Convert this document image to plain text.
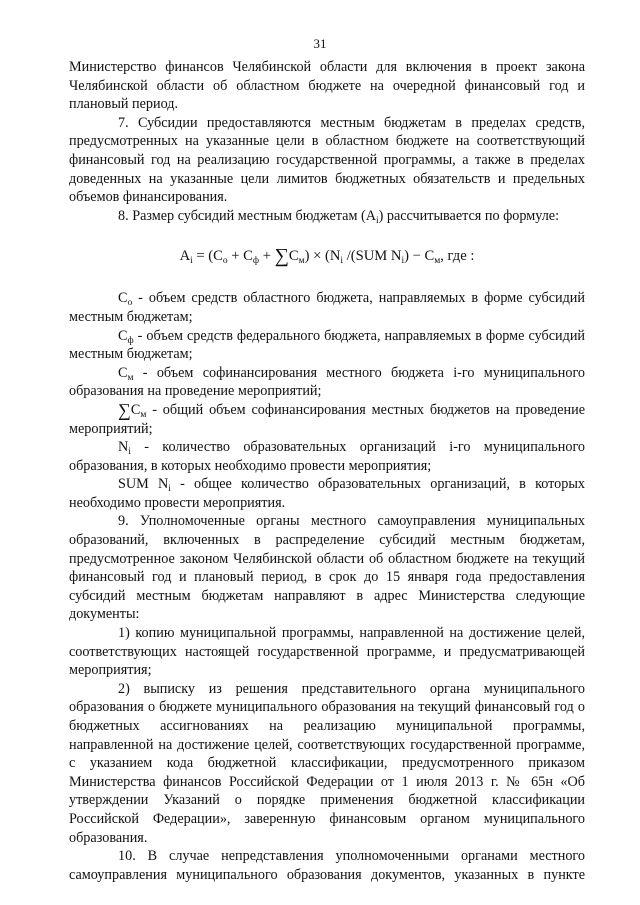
31

Министерство финансов Челябинской области для включения в проект закона Челябинской области об областном бюджете на очередной финансовый год и плановый период.

7. Субсидии предоставляются местным бюджетам в пределах средств, предусмотренных на указанные цели в областном бюджете на соответствующий финансовый год на реализацию государственной программы, а также в пределах доведенных на указанные цели лимитов бюджетных обязательств и предельных объемов финансирования.

8. Размер субсидий местным бюджетам $(A_i)$ рассчитывается по формуле:

$A_i = (C_о + C_ф + \sum C_м) \times (N_i$ /(SUM $N_i) - C_м$, где :

$C_о$ - объем средств областного бюджета, направляемых в форме субсидий местным бюджетам;

$C_ф$ - объем средств федерального бюджета, направляемых в форме субсидий местным бюджетам;

$C_м$ - объем софинансирования местного бюджета i-го муниципального образования на проведение мероприятий;

$\sum C_м$ - общий объем софинансирования местных бюджетов на проведение мероприятий;

$N_i$ - количество образовательных организаций i-го муниципального образования, в которых необходимо провести мероприятия;

SUM $N_i$ - общее количество образовательных организаций, в которых необходимо провести мероприятия.

9. Уполномоченные органы местного самоуправления муниципальных образований, включенных в распределение субсидий местным бюджетам, предусмотренное законом Челябинской области об областном бюджете на текущий финансовый год и плановый период, в срок до 15 января года предоставления субсидий местным бюджетам направляют в адрес Министерства следующие документы:

1) копию муниципальной программы, направленной на достижение целей, соответствующих настоящей государственной программе, и предусматривающей мероприятия;

2) выписку из решения представительного органа муниципального образования о бюджете муниципального образования на текущий финансовый год о бюджетных ассигнованиях на реализацию муниципальной программы, направленной на достижение целей, соответствующих государственной программе, с указанием кода бюджетной классификации, предусмотренного приказом Министерства финансов Российской Федерации от 1 июля 2013 г. № 65н «Об утверждении Указаний о порядке применения бюджетной классификации Российской Федерации», заверенную финансовым органом муниципального образования.

10. В случае непредставления уполномоченными органами местного самоуправления муниципального образования документов, указанных в пункте
